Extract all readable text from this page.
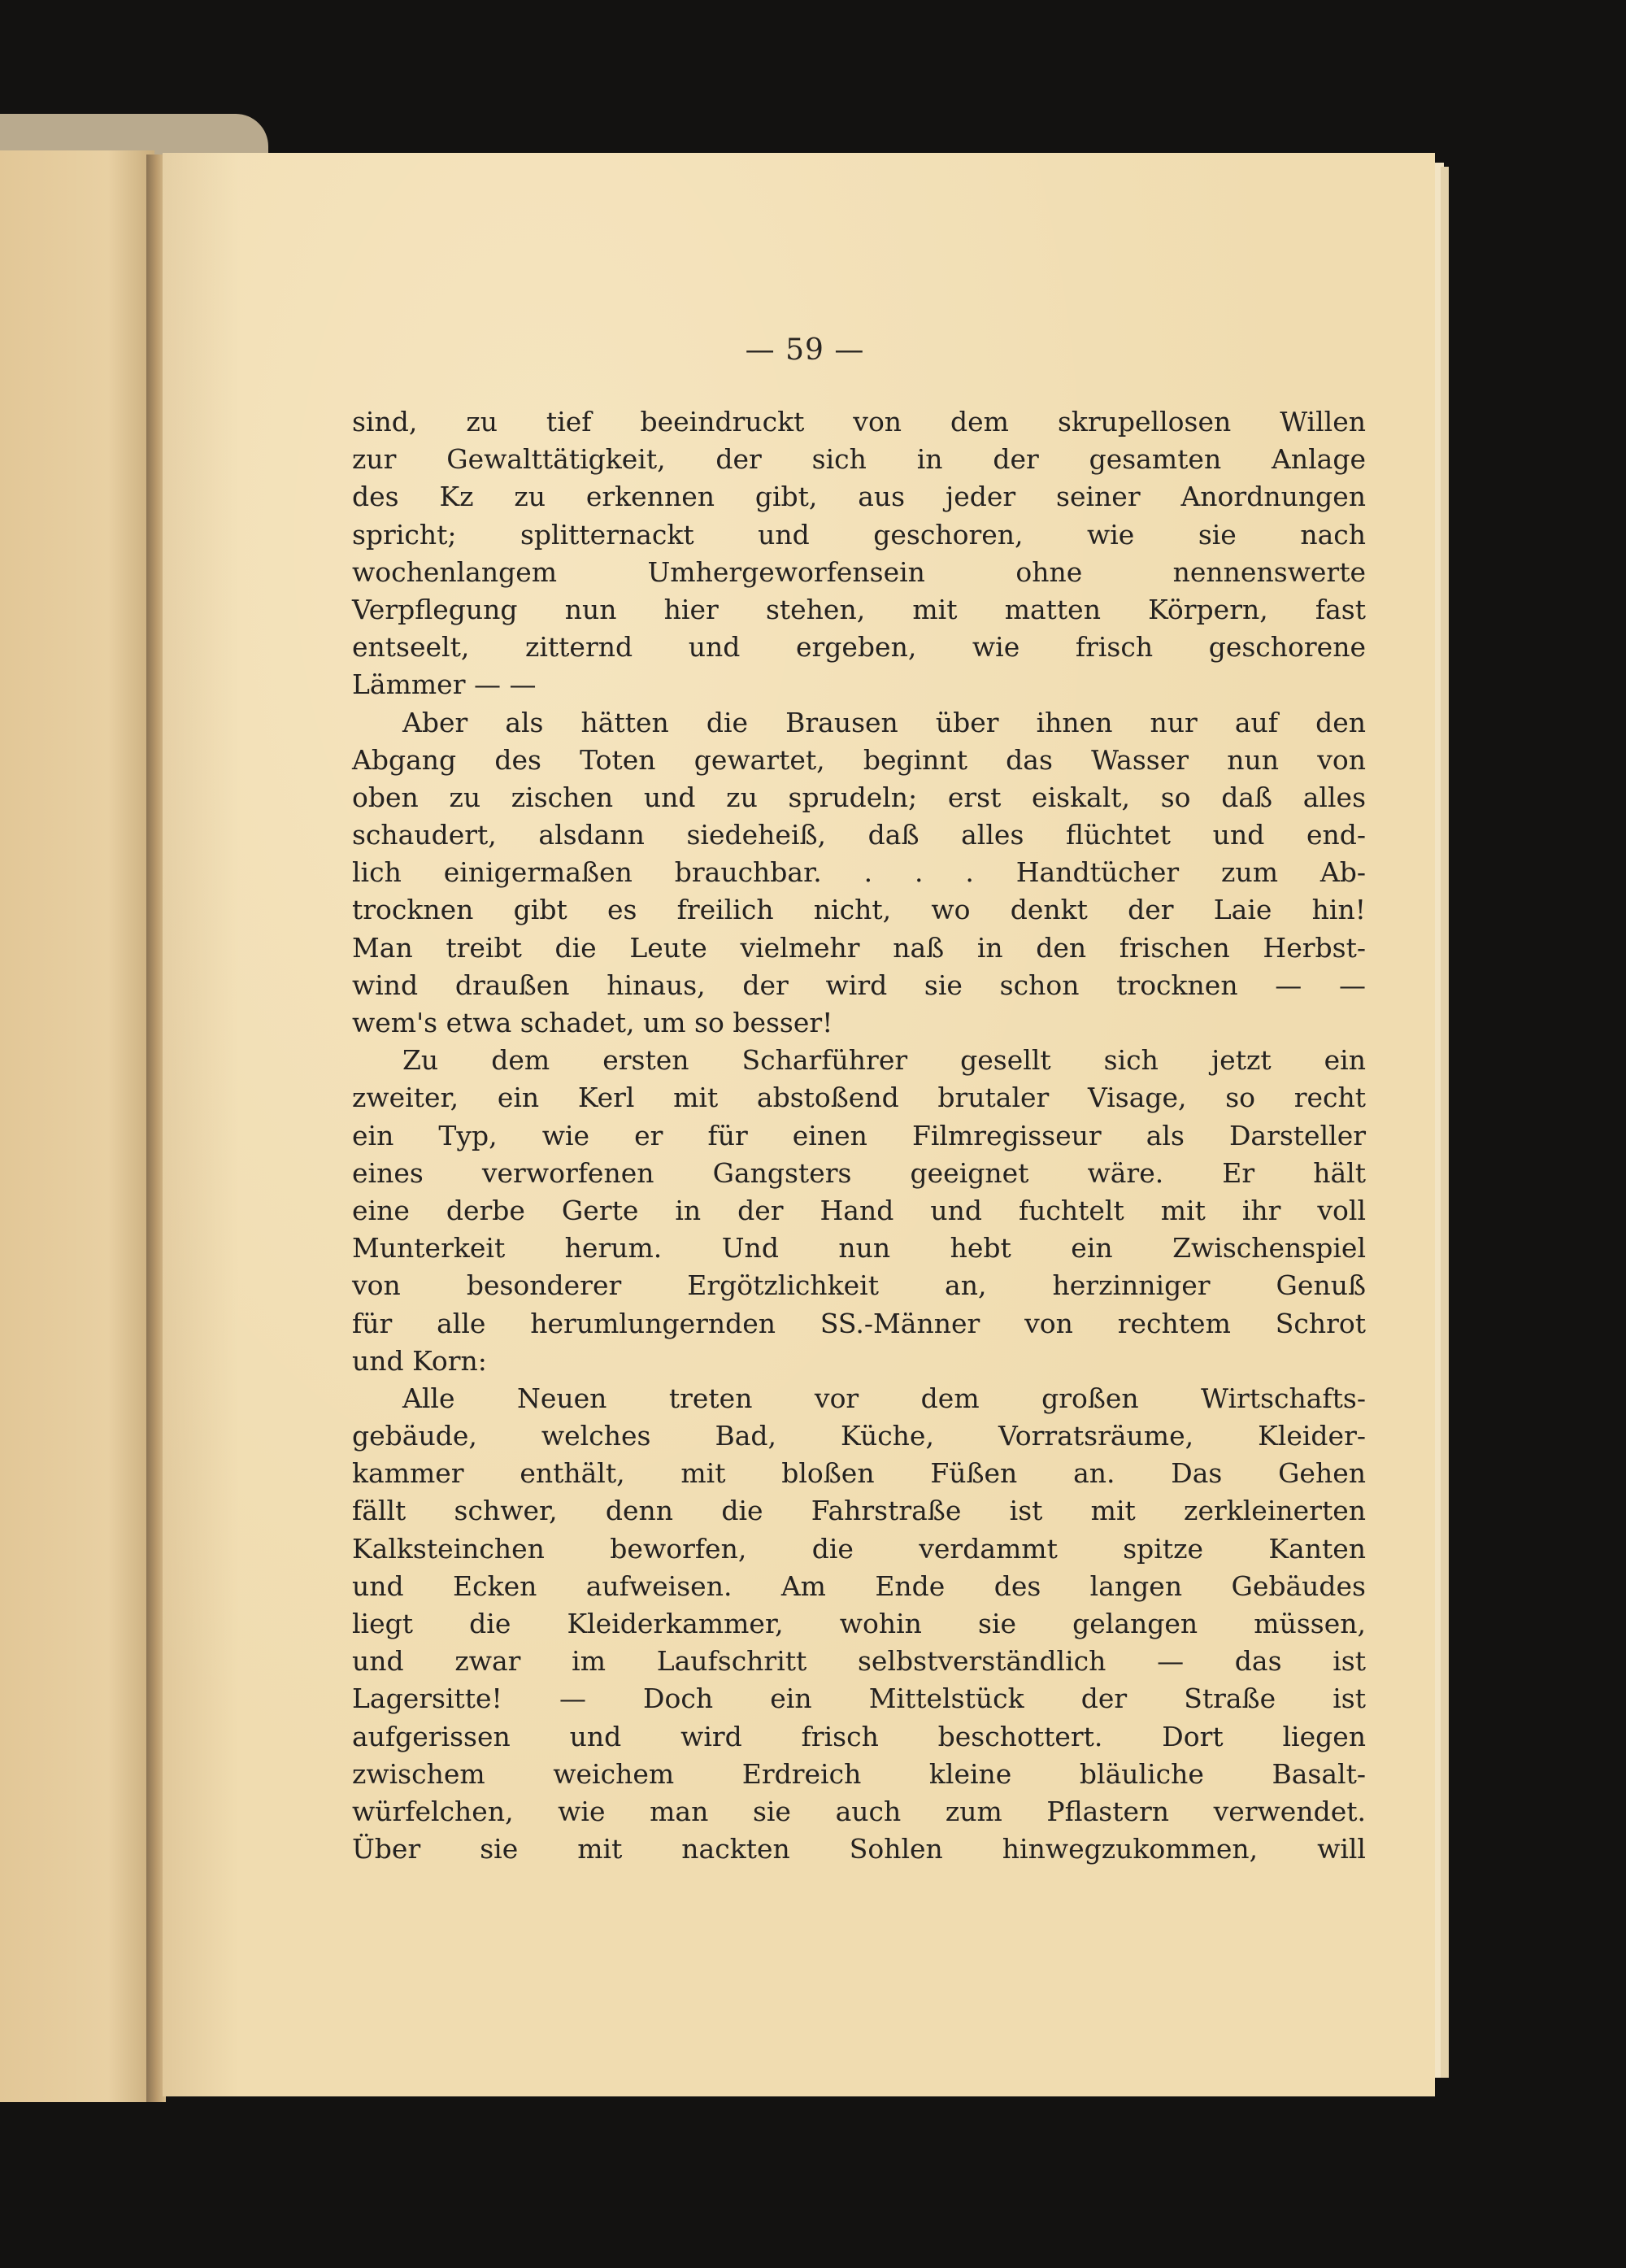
— 59 —

sind, zu tief beeindruckt von dem skrupellosen Willen
zur Gewalttätigkeit, der sich in der gesamten Anlage
des Kz zu erkennen gibt, aus jeder seiner Anordnungen
spricht; splitternackt und geschoren, wie sie nach
wochenlangem Umhergeworfensein ohne nennenswerte
Verpflegung nun hier stehen, mit matten Körpern, fast
entseelt, zitternd und ergeben, wie frisch geschorene
Lämmer — —
Aber als hätten die Brausen über ihnen nur auf den
Abgang des Toten gewartet, beginnt das Wasser nun von
oben zu zischen und zu sprudeln; erst eiskalt, so daß alles
schaudert, alsdann siedeheiß, daß alles flüchtet und end-
lich einigermaßen brauchbar. . . . Handtücher zum Ab-
trocknen gibt es freilich nicht, wo denkt der Laie hin!
Man treibt die Leute vielmehr naß in den frischen Herbst-
wind draußen hinaus, der wird sie schon trocknen — —
wem's etwa schadet, um so besser!
Zu dem ersten Scharführer gesellt sich jetzt ein
zweiter, ein Kerl mit abstoßend brutaler Visage, so recht
ein Typ, wie er für einen Filmregisseur als Darsteller
eines verworfenen Gangsters geeignet wäre. Er hält
eine derbe Gerte in der Hand und fuchtelt mit ihr voll
Munterkeit herum. Und nun hebt ein Zwischenspiel
von besonderer Ergötzlichkeit an, herzinniger Genuß
für alle herumlungernden SS.-Männer von rechtem Schrot
und Korn:
Alle Neuen treten vor dem großen Wirtschafts-
gebäude, welches Bad, Küche, Vorratsräume, Kleider-
kammer enthält, mit bloßen Füßen an. Das Gehen
fällt schwer, denn die Fahrstraße ist mit zerkleinerten
Kalksteinchen beworfen, die verdammt spitze Kanten
und Ecken aufweisen. Am Ende des langen Gebäudes
liegt die Kleiderkammer, wohin sie gelangen müssen,
und zwar im Laufschritt selbstverständlich — das ist
Lagersitte! — Doch ein Mittelstück der Straße ist
aufgerissen und wird frisch beschottert. Dort liegen
zwischem weichem Erdreich kleine bläuliche Basalt-
würfelchen, wie man sie auch zum Pflastern verwendet.
Über sie mit nackten Sohlen hinwegzukommen, will
